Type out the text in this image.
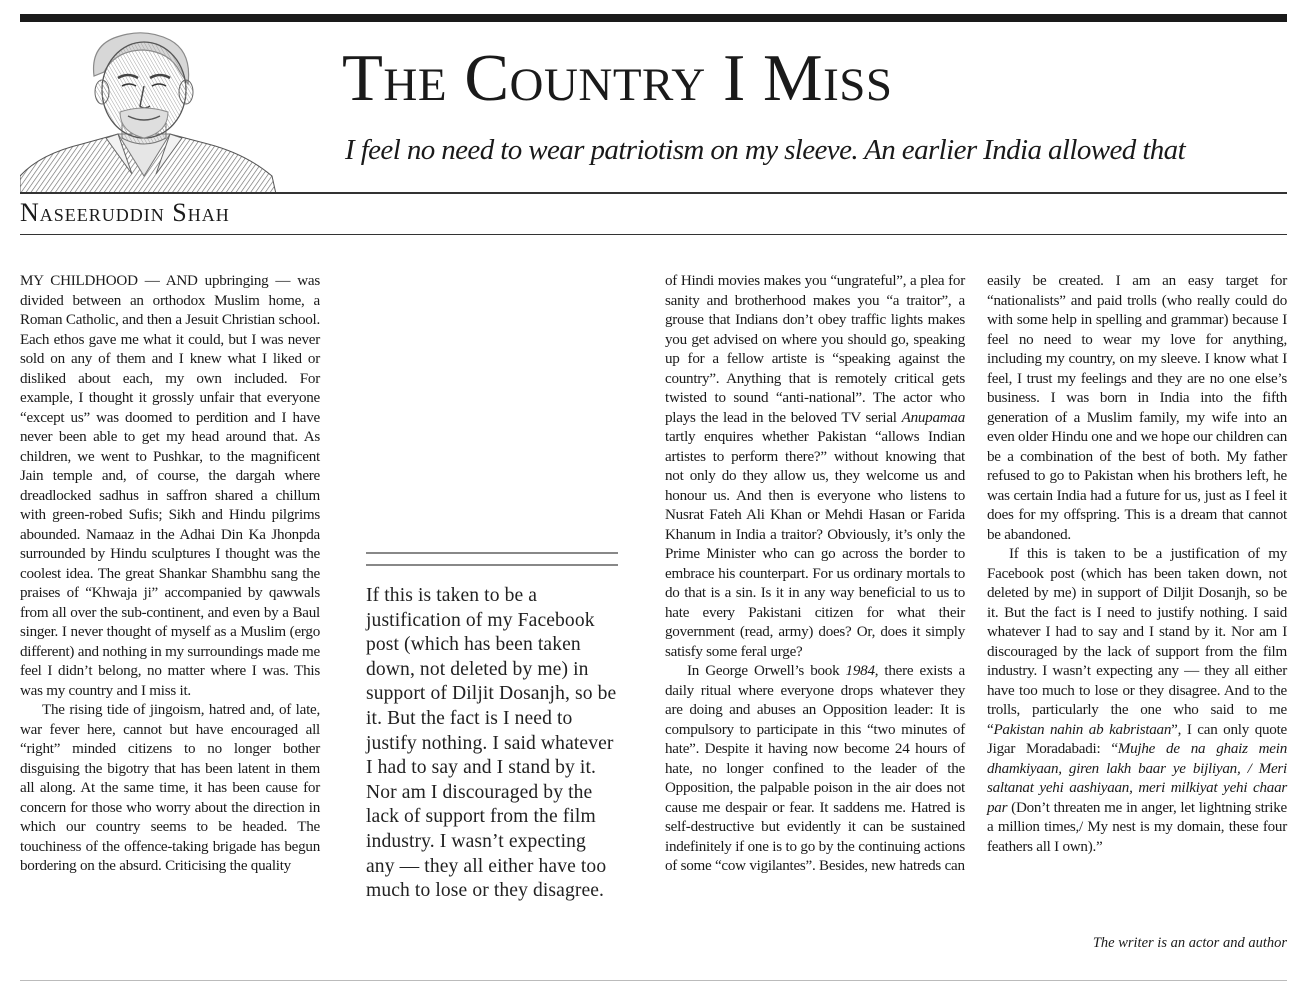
The Country I Miss

I feel no need to wear patriotism on my sleeve. An earlier India allowed that

Naseeruddin Shah

MY CHILDHOOD — AND upbringing — was divided between an orthodox Muslim home, a Roman Catholic, and then a Jesuit Christian school. Each ethos gave me what it could, but I was never sold on any of them and I knew what I liked or disliked about each, my own included. For example, I thought it grossly unfair that everyone “except us” was doomed to perdition and I have never been able to get my head around that. As children, we went to Pushkar, to the magnificent Jain temple and, of course, the dargah where dreadlocked sadhus in saffron shared a chillum with green-robed Sufis; Sikh and Hindu pilgrims abounded. Namaaz in the Adhai Din Ka Jhonpda surrounded by Hindu sculptures I thought was the coolest idea. The great Shankar Shambhu sang the praises of “Khwaja ji” accompanied by qawwals from all over the sub-continent, and even by a Baul singer. I never thought of myself as a Muslim (ergo different) and nothing in my surroundings made me feel I didn’t belong, no matter where I was. This was my country and I miss it.

The rising tide of jingoism, hatred and, of late, war fever here, cannot but have encouraged all “right” minded citizens to no longer bother disguising the bigotry that has been latent in them all along. At the same time, it has been cause for concern for those who worry about the direction in which our country seems to be headed. The touchiness of the offence-taking brigade has begun bordering on the absurd. Criticising the quality

If this is taken to be a justification of my Facebook post (which has been taken down, not deleted by me) in support of Diljit Dosanjh, so be it. But the fact is I need to justify nothing. I said whatever I had to say and I stand by it. Nor am I discouraged by the lack of support from the film industry. I wasn’t expecting any — they all either have too much to lose or they disagree.

of Hindi movies makes you “ungrateful”, a plea for sanity and brotherhood makes you “a traitor”, a grouse that Indians don’t obey traffic lights makes you get advised on where you should go, speaking up for a fellow artiste is “speaking against the country”. Anything that is remotely critical gets twisted to sound “anti-national”. The actor who plays the lead in the beloved TV serial Anupamaa tartly enquires whether Pakistan “allows Indian artistes to perform there?” without knowing that not only do they allow us, they welcome us and honour us. And then is everyone who listens to Nusrat Fateh Ali Khan or Mehdi Hasan or Farida Khanum in India a traitor? Obviously, it’s only the Prime Minister who can go across the border to embrace his counterpart. For us ordinary mortals to do that is a sin. Is it in any way beneficial to us to hate every Pakistani citizen for what their government (read, army) does? Or, does it simply satisfy some feral urge?

In George Orwell’s book 1984, there exists a daily ritual where everyone drops whatever they are doing and abuses an Opposition leader: It is compulsory to participate in this “two minutes of hate”. Despite it having now become 24 hours of hate, no longer confined to the leader of the Opposition, the palpable poison in the air does not cause me despair or fear. It saddens me. Hatred is self-destructive but evidently it can be sustained indefinitely if one is to go by the continuing actions of some “cow vigilantes”. Besides, new hatreds can

easily be created. I am an easy target for “nationalists” and paid trolls (who really could do with some help in spelling and grammar) because I feel no need to wear my love for anything, including my country, on my sleeve. I know what I feel, I trust my feelings and they are no one else’s business. I was born in India into the fifth generation of a Muslim family, my wife into an even older Hindu one and we hope our children can be a combination of the best of both. My father refused to go to Pakistan when his brothers left, he was certain India had a future for us, just as I feel it does for my offspring. This is a dream that cannot be abandoned.

If this is taken to be a justification of my Facebook post (which has been taken down, not deleted by me) in support of Diljit Dosanjh, so be it. But the fact is I need to justify nothing. I said whatever I had to say and I stand by it. Nor am I discouraged by the lack of support from the film industry. I wasn’t expecting any — they all either have too much to lose or they disagree. And to the trolls, particularly the one who said to me “Pakistan nahin ab kabristaan”, I can only quote Jigar Moradabadi: “Mujhe de na ghaiz mein dhamkiyaan, giren lakh baar ye bijliyan, / Meri saltanat yehi aashiyaan, meri milkiyat yehi chaar par (Don’t threaten me in anger, let lightning strike a million times,/ My nest is my domain, these four feathers all I own).”

The writer is an actor and author
